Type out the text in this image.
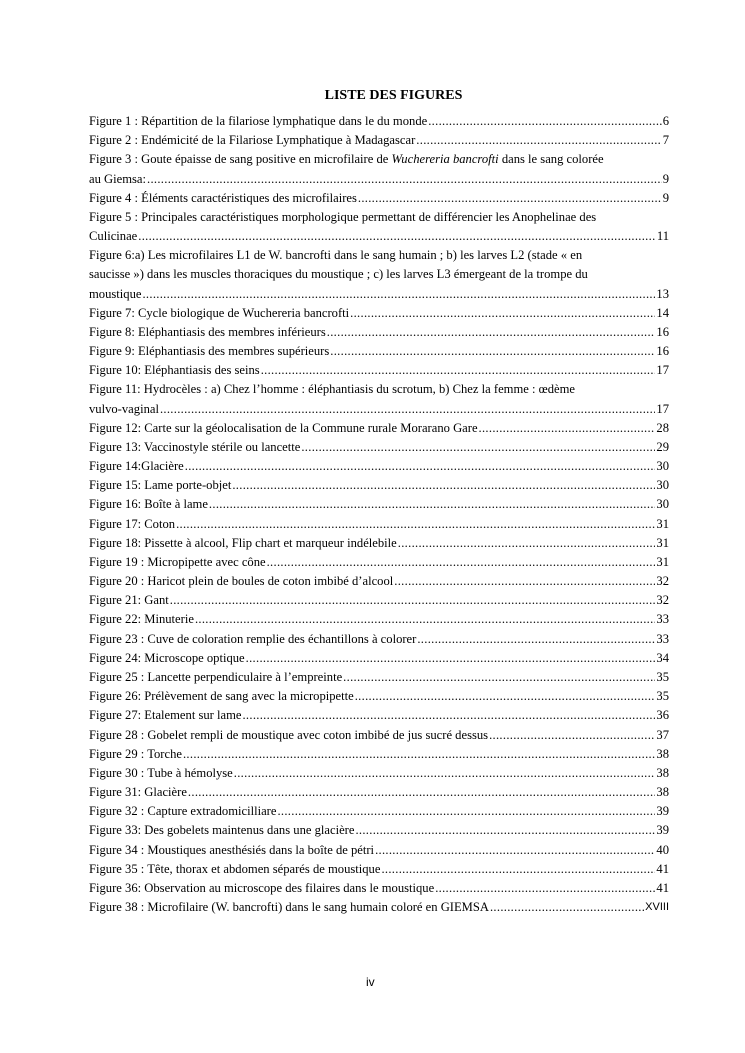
LISTE DES FIGURES
Figure 1 : Répartition de la filariose lymphatique dans le du monde .....	6
Figure 2 : Endémicité de la Filariose Lymphatique à Madagascar .....	7
Figure 3 : Goute épaisse de sang positive en microfilaire de Wuchereria bancrofti dans le sang colorée
au Giemsa: .....	9
Figure 4 : Éléments caractéristiques des microfilaires .....	9
Figure 5 : Principales caractéristiques morphologique permettant de différencier les Anophelinae des
Culicinae .....	11
Figure 6:a) Les microfilaires L1 de W. bancrofti dans le sang humain ; b) les larves L2 (stade « en
saucisse ») dans les muscles thoraciques du moustique ; c) les larves L3 émergeant de la trompe du
moustique .....	13
Figure 7: Cycle biologique de Wuchereria bancrofti .....	14
Figure 8: Eléphantiasis des membres inférieurs .....	16
Figure 9: Eléphantiasis des membres supérieurs .....	16
Figure 10: Eléphantiasis des seins .....	17
Figure 11: Hydrocèles : a) Chez l’homme : éléphantiasis du scrotum, b) Chez la femme : œdème
vulvo-vaginal .....	17
Figure 12: Carte sur la géolocalisation de la Commune rurale Morarano Gare .....	28
Figure 13: Vaccinostyle stérile ou lancette .....	29
Figure 14:Glacière .....	30
Figure 15: Lame porte-objet .....	30
Figure 16: Boîte à lame .....	30
Figure 17: Coton .....	31
Figure 18: Pissette à alcool, Flip chart et marqueur indélebile .....	31
Figure 19 : Micropipette avec cône .....	31
Figure 20 : Haricot plein de boules de coton imbibé d’alcool .....	32
Figure 21: Gant .....	32
Figure 22: Minuterie .....	33
Figure 23 : Cuve de coloration remplie des échantillons à colorer .....	33
Figure 24: Microscope optique .....	34
Figure 25 : Lancette perpendiculaire à l’empreinte .....	35
Figure 26: Prélèvement de sang avec la micropipette .....	35
Figure 27: Etalement sur lame .....	36
Figure 28 : Gobelet rempli de moustique avec coton imbibé de jus sucré dessus .....	37
Figure 29 : Torche .....	38
Figure 30 : Tube à hémolyse .....	38
Figure 31: Glacière .....	38
Figure 32 : Capture extradomicilliare .....	39
Figure 33: Des gobelets maintenus dans une glacière .....	39
Figure 34 : Moustiques anesthésiés dans la boîte de pétri .....	40
Figure 35 : Tête, thorax et abdomen séparés de moustique .....	41
Figure 36: Observation au microscope des filaires dans le moustique .....	41
Figure 38 : Microfilaire (W. bancrofti) dans le sang humain coloré en GIEMSA .....	XVIII
iv
